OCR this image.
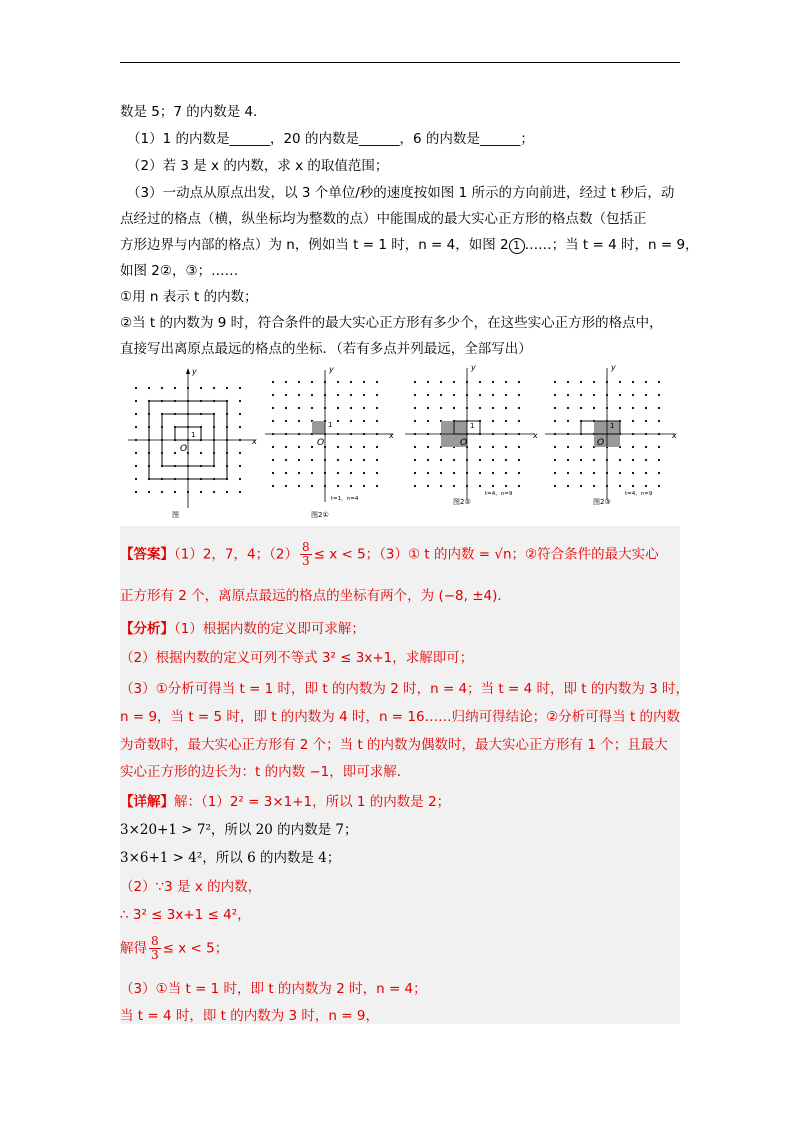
数是 5；7 的内数是 4．
（1）1 的内数是______，20 的内数是______，6 的内数是______；
（2）若 3 是 x 的内数，求 x 的取值范围；
（3）一动点从原点出发，以 3 个单位/秒的速度按如图 1 所示的方向前进，经过 t 秒后，动
点经过的格点（横，纵坐标均为整数的点）中能围成的最大实心正方形的格点数（包括正
方形边界与内部的格点）为 n，例如当 t = 1 时，n = 4，如图 2 1 ……；当 t = 4 时，n = 9，
如图 2②，③；……
①用 n 表示 t 的内数；
②当 t 的内数为 9 时，符合条件的最大实心正方形有多少个，在这些实心正方形的格点中，
直接写出离原点最远的格点的坐标．（若有多点并列最远，全部写出）
x
y
O
1
图
x
y
O
1
t=1，n=4
图2①
x
y
O
1
t=4，n=9
图2②
x
y
O
1
t=4，n=9
图2③
【答案】（1）2，7，4；$(2) \frac{8}{3} \le x < 5$；（3）① t 的内数 = √n；②符合条件的最大实心
正方形有 2 个，离原点最远的格点的坐标有两个，为 (−8, ±4)．
【分析】（1）根据内数的定义即可求解；
（2）根据内数的定义可列不等式 3² ≤ 3x+1，求解即可；
（3）①分析可得当 t = 1 时，即 t 的内数为 2 时，n = 4；当 t = 4 时，即 t 的内数为 3 时，
n = 9，当 t = 5 时，即 t 的内数为 4 时，n = 16……归纳可得结论；②分析可得当 t 的内数
为奇数时，最大实心正方形有 2 个；当 t 的内数为偶数时，最大实心正方形有 1 个；且最大
实心正方形的边长为：t 的内数 −1，即可求解．
【详解】解：（1）2² = 3×1+1，所以 1 的内数是 2；
3×20+1 > 7²，所以 20 的内数是 7；
3×6+1 > 4²，所以 6 的内数是 4；
（2）∵3 是 x 的内数，
∴ 3² ≤ 3x+1 ≤ 4²，
解得 $\frac{8}{3} \le x < 5$；
（3）①当 t = 1 时，即 t 的内数为 2 时，n = 4；
当 t = 4 时，即 t 的内数为 3 时，n = 9，
